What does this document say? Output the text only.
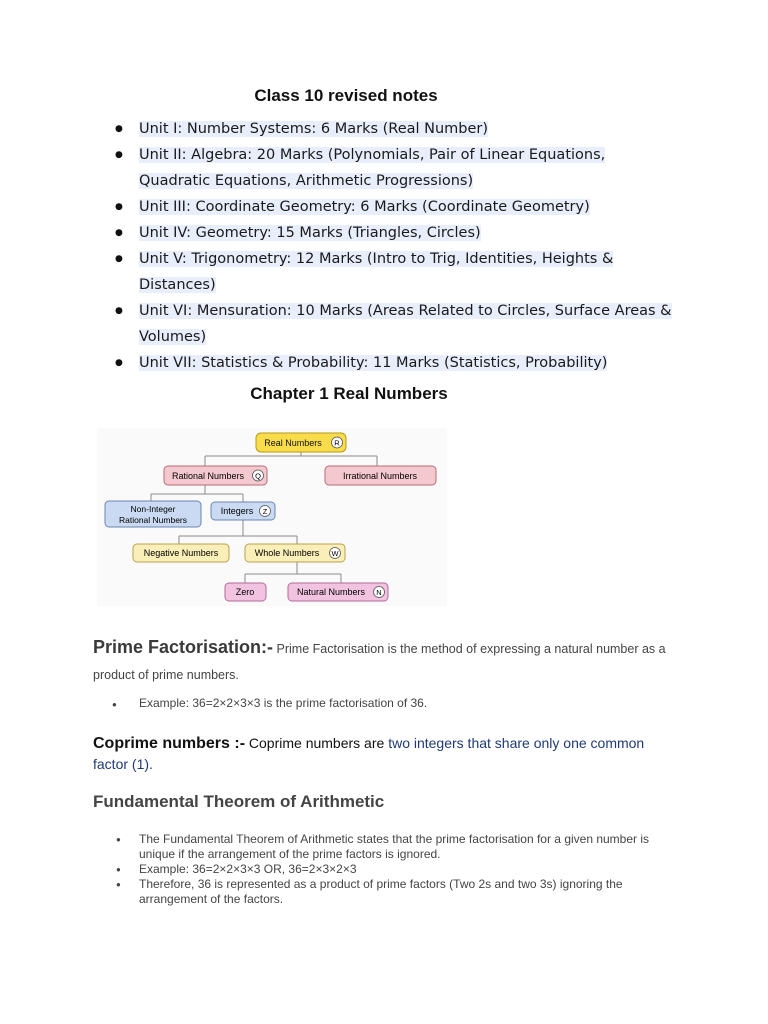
Class 10 revised notes
● Unit I: Number Systems: 6 Marks (Real Number)
● Unit II: Algebra: 20 Marks (Polynomials, Pair of Linear Equations, Quadratic Equations, Arithmetic Progressions)
● Unit III: Coordinate Geometry: 6 Marks (Coordinate Geometry)
● Unit IV: Geometry: 15 Marks (Triangles, Circles)
● Unit V: Trigonometry: 12 Marks (Intro to Trig, Identities, Heights & Distances)
● Unit VI: Mensuration: 10 Marks (Areas Related to Circles, Surface Areas & Volumes)
● Unit VII: Statistics & Probability: 11 Marks (Statistics, Probability)
Chapter 1 Real Numbers
Real Numbers R
Rational Numbers Q	Irrational Numbers
Non-Integer
Rational Numbers
Integers Z
Negative Numbers	Whole Numbers W
Zero	Natural Numbers N
Prime Factorisation:- Prime Factorisation is the method of expressing a natural number as a product of prime numbers.
● Example: 36=2×2×3×3 is the prime factorisation of 36.
Coprime numbers :- Coprime numbers are two integers that share only one common factor (1).
Fundamental Theorem of Arithmetic
● The Fundamental Theorem of Arithmetic states that the prime factorisation for a given number is unique if the arrangement of the prime factors is ignored.
● Example: 36=2×2×3×3 OR, 36=2×3×2×3
● Therefore, 36 is represented as a product of prime factors (Two 2s and two 3s) ignoring the arrangement of the factors.
